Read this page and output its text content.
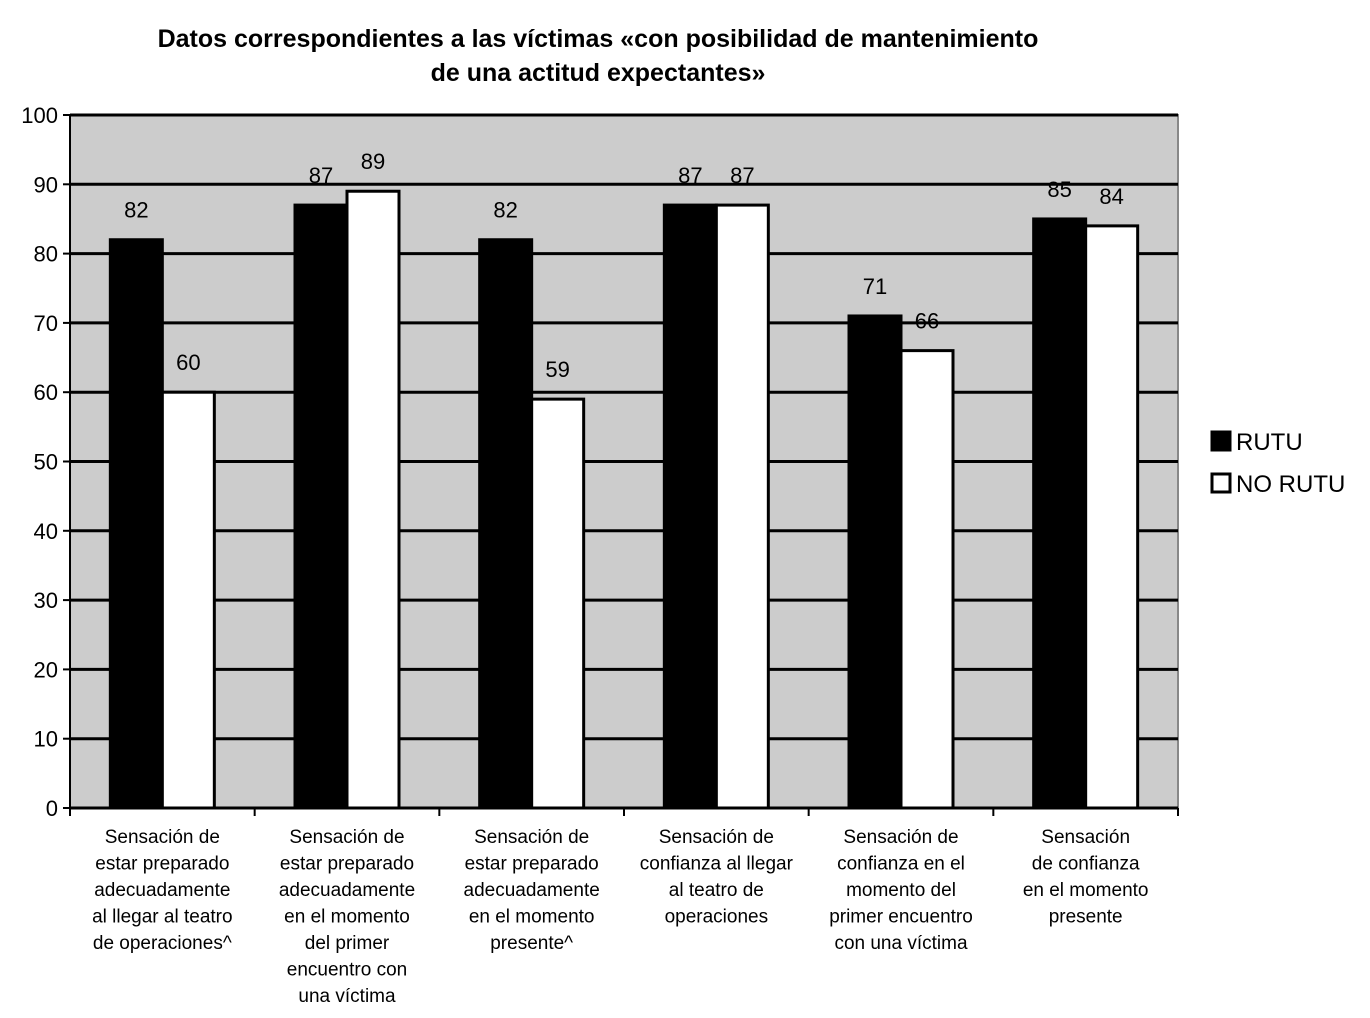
Datos correspondientes a las víctimas «con posibilidad de mantenimiento
de una actitud expectantes»
82
87
82
87
71
85
60
89
59
87
66
84
0
10
20
30
40
50
60
70
80
90
100
Sensación de
estar preparado
adecuadamente
al llegar al teatro
de operaciones^
Sensación de
estar preparado
adecuadamente
en el momento
del primer
encuentro con
una víctima
Sensación de
estar preparado
adecuadamente
en el momento
presente^
Sensación de
confianza al llegar
al teatro de
operaciones
Sensación de
confianza en el
momento del
primer encuentro
con una víctima
Sensación
de confianza
en el momento
presente
RUTU
NO RUTU
